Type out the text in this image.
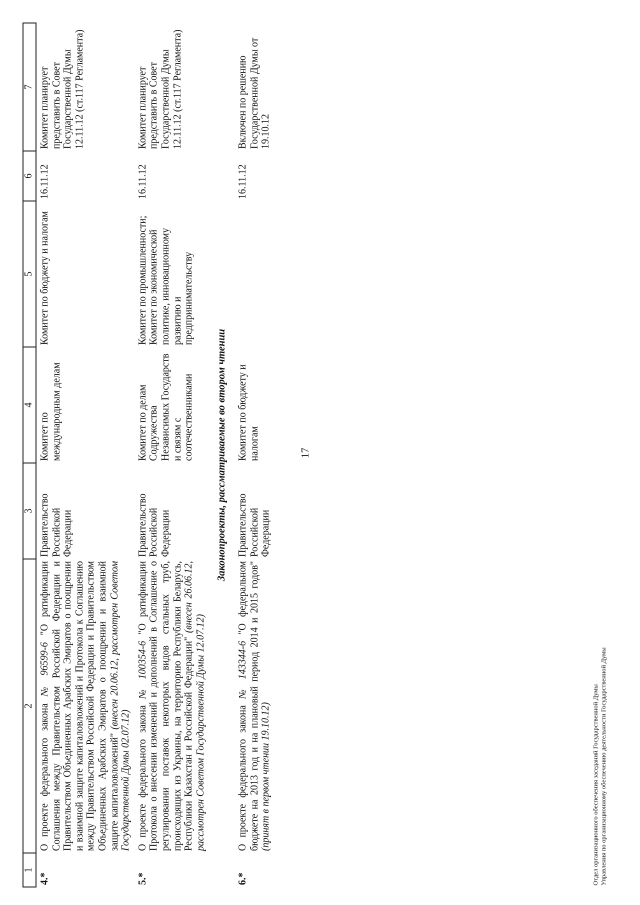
17
1	2	3	4	5	6	7
4.*	О проекте федерального закона № 96599-6 "О ратификации Соглашения между Правительством Российской Федерации и Правительством Объединенных Арабских Эмиратов о поощрении и взаимной защите капиталовложений и Протокола к Соглашению между Правительством Российской Федерации и Правительством Объединенных Арабских Эмиратов о поощрении и взаимной защите капиталовложений" (внесен 20.06.12, рассмотрен Советом Государственной Думы 02.07.12)	Правительство Российской Федерации	Комитет по международным делам	Комитет по бюджету и налогам	16.11.12	Комитет планирует представить в Совет Государственной Думы 12.11.12 (ст.117 Регламента)

5.*	О проекте федерального закона № 100354-6 "О ратификации Протокола о внесении изменений и дополнений в Соглашение о регулировании поставок некоторых видов стальных труб, происходящих из Украины, на территорию Республики Беларусь, Республики Казахстан и Российской Федерации" (внесен 26.06.12, рассмотрен Советом Государственной Думы 12.07.12)	Правительство Российской Федерации	Комитет по делам Содружества Независимых Государств и связям с соотечественниками	Комитет по промышленности; Комитет по экономической политике, инновационному развитию и предпринимательству	16.11.12	Комитет планирует представить в Совет Государственной Думы 12.11.12 (ст.117 Регламента)
Законопроекты, рассматриваемые во втором чтении						
6.*	О проекте федерального закона № 143344-6 "О федеральном бюджете на 2013 год и на плановый период 2014 и 2015 годов" (принят в первом чтении 19.10.12)	Правительство Российской Федерации	Комитет по бюджету и налогам		16.11.12	Включен по решению Государственной Думы от 19.10.12
Отдел организационного обеспечения заседаний Государственной Думы Управления по организационному обеспечению деятельности Государственной Думы
